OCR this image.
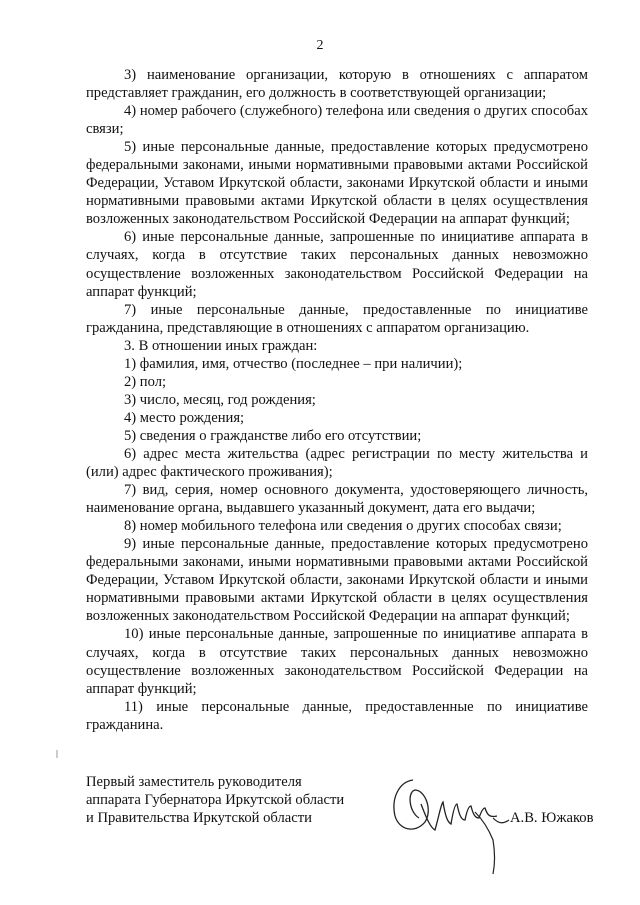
2

3) наименование организации, которую в отношениях с аппаратом представляет гражданин, его должность в соответствующей организации;

4) номер рабочего (служебного) телефона или сведения о других способах связи;

5) иные персональные данные, предоставление которых предусмотрено федеральными законами, иными нормативными правовыми актами Российской Федерации, Уставом Иркутской области, законами Иркутской области и иными нормативными правовыми актами Иркутской области в целях осуществления возложенных законодательством Российской Федерации на аппарат функций;

6) иные персональные данные, запрошенные по инициативе аппарата в случаях, когда в отсутствие таких персональных данных невозможно осуществление возложенных законодательством Российской Федерации на аппарат функций;

7) иные персональные данные, предоставленные по инициативе гражданина, представляющие в отношениях с аппаратом организацию.

3. В отношении иных граждан:

1) фамилия, имя, отчество (последнее – при наличии);

2) пол;

3) число, месяц, год рождения;

4) место рождения;

5) сведения о гражданстве либо его отсутствии;

6) адрес места жительства (адрес регистрации по месту жительства и (или) адрес фактического проживания);

7) вид, серия, номер основного документа, удостоверяющего личность, наименование органа, выдавшего указанный документ, дата его выдачи;

8) номер мобильного телефона или сведения о других способах связи;

9) иные персональные данные, предоставление которых предусмотрено федеральными законами, иными нормативными правовыми актами Российской Федерации, Уставом Иркутской области, законами Иркутской области и иными нормативными правовыми актами Иркутской области в целях осуществления возложенных законодательством Российской Федерации на аппарат функций;

10) иные персональные данные, запрошенные по инициативе аппарата в случаях, когда в отсутствие таких персональных данных невозможно осуществление возложенных законодательством Российской Федерации на аппарат функций;

11) иные персональные данные, предоставленные по инициативе гражданина.

Первый заместитель руководителя
аппарата Губернатора Иркутской области
и Правительства Иркутской области	А.В. Южаков
